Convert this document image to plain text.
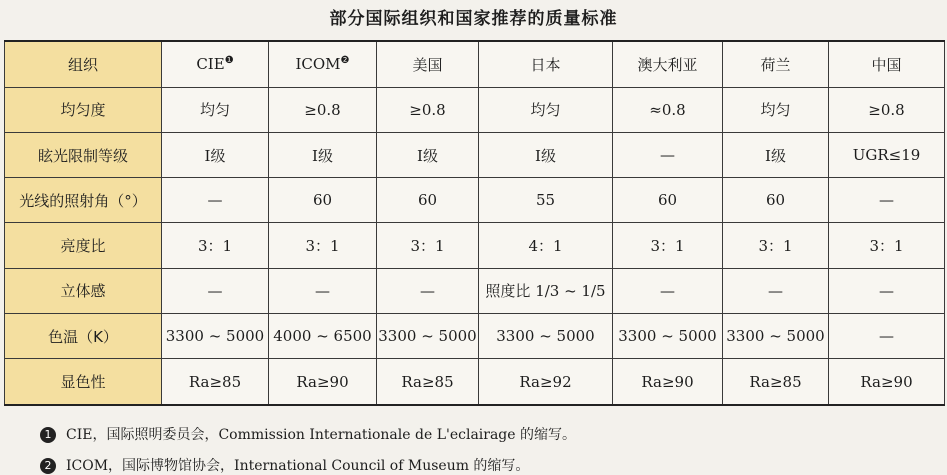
部分国际组织和国家推荐的质量标准
组织	$CIE^❶$	$ICOM^❷$	美国	日本	澳大利亚	荷兰	中国
均匀度	均匀	≥0.8	≥0.8	均匀	≈0.8	均匀	≥0.8
眩光限制等级	Ⅰ级	Ⅰ级	Ⅰ级	Ⅰ级	—	Ⅰ级	UGR≤19
光线的照射角（°）	—	60	60	55	60	60	—
亮度比	3：1	3：1	3：1	4：1	3：1	3：1	3：1
立体感	—	—	—	照度比 1/3 ~ 1/5	—	—	—
色温（K）	3300 ~ 5000	4000 ~ 6500	3300 ~ 5000	3300 ~ 5000	3300 ~ 5000	3300 ~ 5000	—
显色性	Ra≥85	Ra≥90	Ra≥85	Ra≥92	Ra≥90	Ra≥85	Ra≥90
1 CIE，国际照明委员会，Commission Internationale de L'eclairage 的缩写。
2 ICOM，国际博物馆协会，International Council of Museum 的缩写。
